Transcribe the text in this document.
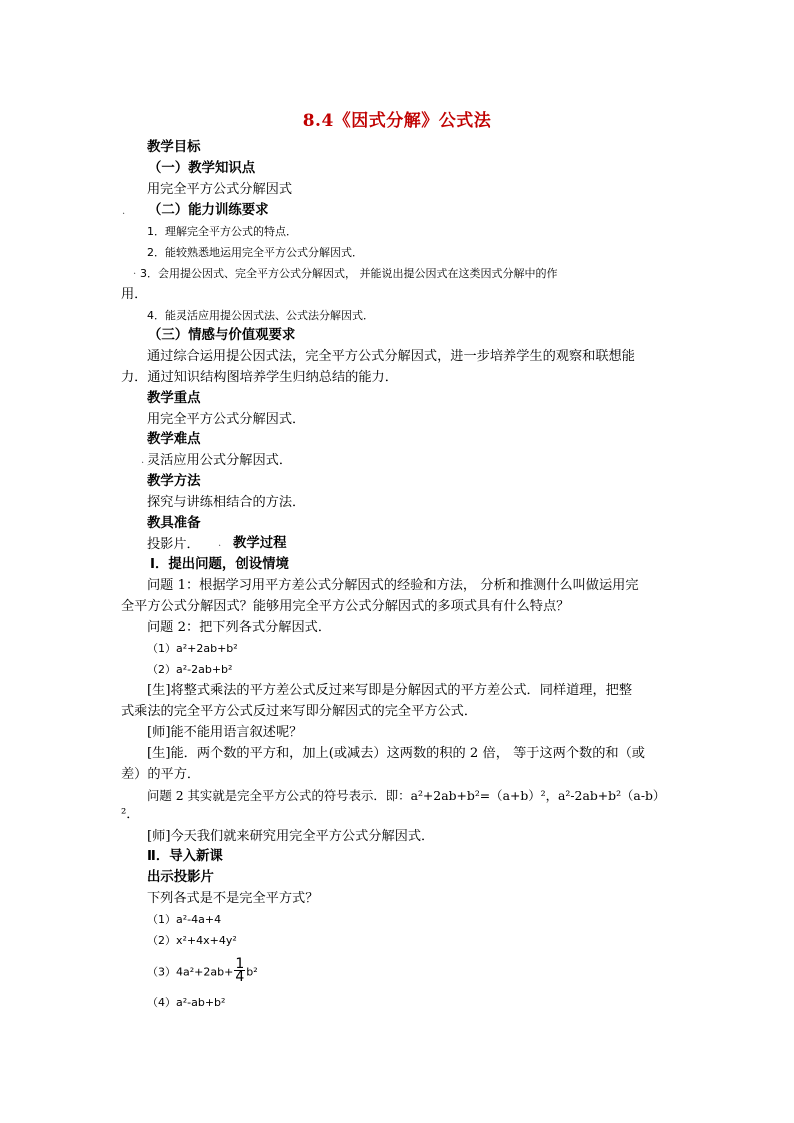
8.4《因式分解》公式法
教学目标
（一）教学知识点
用完全平方公式分解因式
. （二）能力训练要求
1．理解完全平方公式的特点．
2．能较熟悉地运用完全平方公式分解因式．
. 3．会用提公因式、完全平方公式分解因式， 并能说出提公因式在这类因式分解中的作
用．
4．能灵活应用提公因式法、公式法分解因式．
（三）情感与价值观要求
通过综合运用提公因式法，完全平方公式分解因式，进一步培养学生的观察和联想能
力．通过知识结构图培养学生归纳总结的能力．
教学重点
用完全平方公式分解因式．
教学难点
. 灵活应用公式分解因式．
教学方法
探究与讲练相结合的方法．
教具准备
投影片． . 教学过程
Ⅰ．提出问题，创设情境
问题 1：根据学习用平方差公式分解因式的经验和方法， 分析和推测什么叫做运用完
全平方公式分解因式？能够用完全平方公式分解因式的多项式具有什么特点？
问题 2：把下列各式分解因式．
（1）a²+2ab+b²
（2）a²-2ab+b²
[生]将整式乘法的平方差公式反过来写即是分解因式的平方差公式．同样道理，把整
式乘法的完全平方公式反过来写即分解因式的完全平方公式．
[师]能不能用语言叙述呢？
[生]能．两个数的平方和，加上(或减去）这两数的积的 2 倍， 等于这两个数的和（或
差）的平方．
问题 2 其实就是完全平方公式的符号表示．即：a²+2ab+b²=（a+b）²，a²-2ab+b²（a-b）
²．
[师]今天我们就来研究用完全平方公式分解因式．
Ⅱ．导入新课
出示投影片
下列各式是不是完全平方式？
（1）a²-4a+4
（2）x²+4x+4y²
$(3)4a^2+2ab+ \frac{1}{4} b^2$
（4）a²-ab+b²
